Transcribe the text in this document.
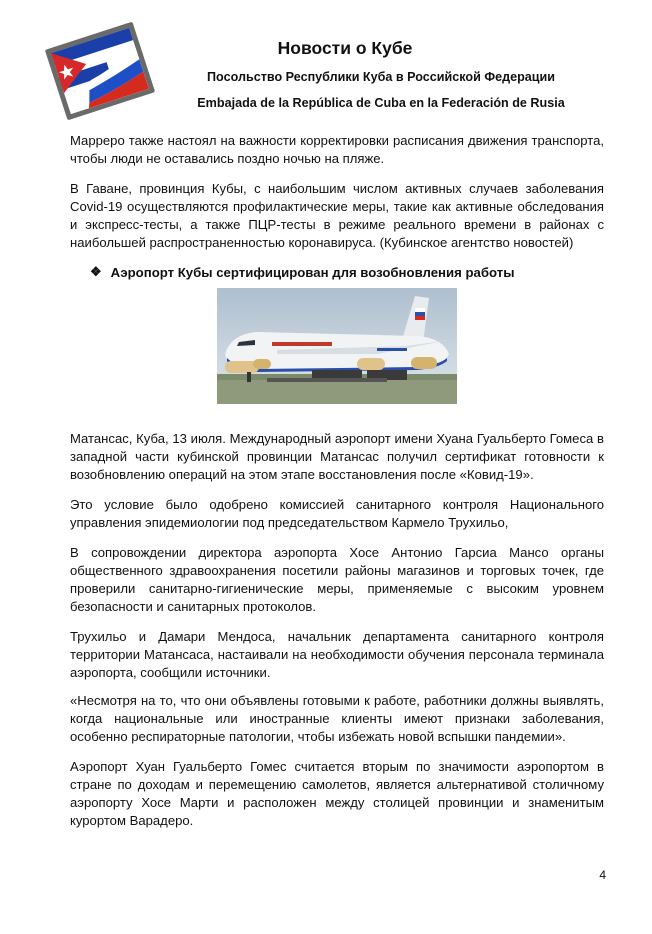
Новости о Кубе

Посольство Республики Куба в Российской Федерации

Embajada de la República de Cuba en la Federación de Rusia

Марреро также настоял на важности корректировки расписания движения транспорта, чтобы люди не оставались поздно ночью на пляже.

В Гаване, провинция Кубы, с наибольшим числом активных случаев заболевания Covid-19 осуществляются профилактические меры, такие как активные обследования и экспресс-тесты, а также ПЦР-тесты в режиме реального времени в районах с наибольшей распространенностью коронавируса. (Кубинское агентство новостей)

❖ Аэропорт Кубы сертифицирован для возобновления работы

Матансас, Куба, 13 июля. Международный аэропорт имени Хуана Гуальберто Гомеса в западной части кубинской провинции Матансас получил сертификат готовности к возобновлению операций на этом этапе восстановления после «Ковид-19».

Это условие было одобрено комиссией санитарного контроля Национального управления эпидемиологии под председательством Кармело Трухильо,

В сопровождении директора аэропорта Хосе Антонио Гарсиа Мансо органы общественного здравоохранения посетили районы магазинов и торговых точек, где проверили санитарно-гигиенические меры, применяемые с высоким уровнем безопасности и санитарных протоколов.

Трухильо и Дамари Мендоса, начальник департамента санитарного контроля территории Матансаса, настаивали на необходимости обучения персонала терминала аэропорта, сообщили источники.

«Несмотря на то, что они объявлены готовыми к работе, работники должны выявлять, когда национальные или иностранные клиенты имеют признаки заболевания, особенно респираторные патологии, чтобы избежать новой вспышки пандемии».

Аэропорт Хуан Гуальберто Гомес считается вторым по значимости аэропортом в стране по доходам и перемещению самолетов, является альтернативой столичному аэропорту Хосе Марти и расположен между столицей провинции и знаменитым курортом Варадеро.

4
